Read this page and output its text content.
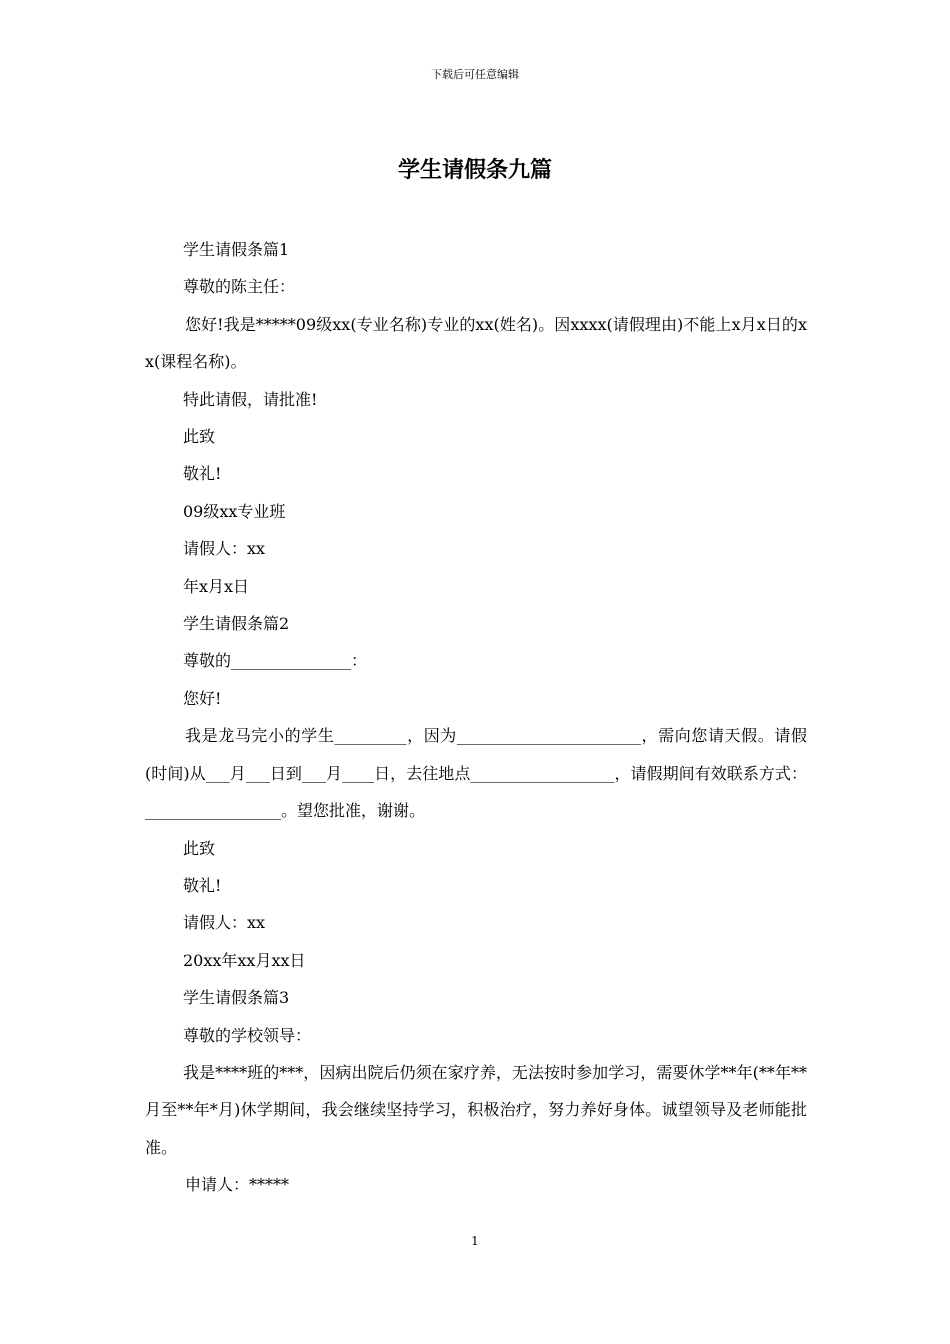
下载后可任意编辑
学生请假条九篇

学生请假条篇1

尊敬的陈主任：

您好!我是*****09级xx(专业名称)专业的xx(姓名)。因xxxx(请假理由)不能上x月x日的xx(课程名称)。

特此请假，请批准!

此致

敬礼!

09级xx专业班

请假人：xx

年x月x日

学生请假条篇2

尊敬的_______________：

您好!

我是龙马完小的学生_________，因为_______________________，需向您请天假。请假(时间)从___月___日到___月____日，去往地点__________________，请假期间有效联系方式：_________________。望您批准，谢谢。

此致

敬礼!

请假人：xx

20xx年xx月xx日

学生请假条篇3

尊敬的学校领导：

我是****班的***，因病出院后仍须在家疗养，无法按时参加学习，需要休学**年(**年**月至**年*月)休学期间，我会继续坚持学习，积极治疗，努力养好身体。诚望领导及老师能批准。

申请人：*****

1
